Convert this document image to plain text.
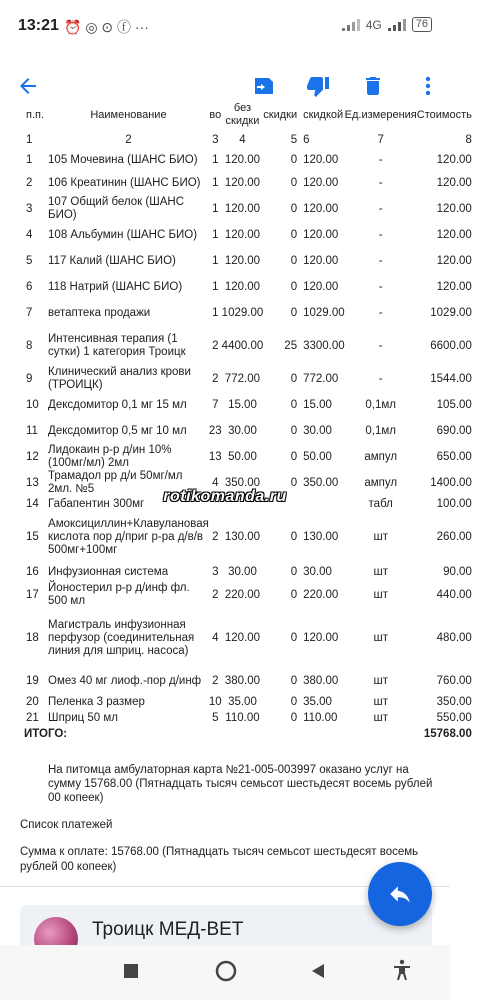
13:21 ⏰ ◎ ⊙ ⓕ ···	4G	76
п.п.	Наименование	во	без скидки	скидки	скидкой	Ед.измерения	Стоимость
1	2	3	4	5	6	7	8
1	105 Мочевина (ШАНС БИО)	1	120.00	0	120.00	-	120.00
2	106 Креатинин (ШАНС БИО)	1	120.00	0	120.00	-	120.00
3	107 Общий белок (ШАНС БИО)	1	120.00	0	120.00	-	120.00
4	108 Альбумин (ШАНС БИО)	1	120.00	0	120.00	-	120.00
5	117 Калий (ШАНС БИО)	1	120.00	0	120.00	-	120.00
6	118 Натрий (ШАНС БИО)	1	120.00	0	120.00	-	120.00
7	ветаптека продажи	1	1029.00	0	1029.00	-	1029.00
8	Интенсивная терапия (1 сутки) 1 категория Троицк	2	4400.00	25	3300.00	-	6600.00
9	Клинический анализ крови (ТРОИЦК)	2	772.00	0	772.00	-	1544.00
10	Дексдомитор 0,1 мг 15 мл	7	15.00	0	15.00	0,1мл	105.00
11	Дексдомитор 0,5 мг 10 мл	23	30.00	0	30.00	0,1мл	690.00
12	Лидокаин р-р д/ин 10% (100мг/мл) 2мл	13	50.00	0	50.00	ампул	650.00
13	Трамадол рр д/и 50мг/мл 2мл. №5	4	350.00	0	350.00	ампул	1400.00
14	Габапентин 300мг					табл	100.00
15	Амоксициллин+Клавулановая кислота пор д/приг р-ра д/в/в 500мг+100мг	2	130.00	0	130.00	шт	260.00
16	Инфузионная система	3	30.00	0	30.00	шт	90.00
17	Йоностерил р-р д/инф фл. 500 мл	2	220.00	0	220.00	шт	440.00
18	Магистраль инфузионная перфузор (соединительная линия для шприц. насоса)	4	120.00	0	120.00	шт	480.00
19	Омез 40 мг лиоф.-пор д/инф	2	380.00	0	380.00	шт	760.00
20	Пеленка 3 размер	10	35.00	0	35.00	шт	350.00
21	Шприц 50 мл	5	110.00	0	110.00	шт	550.00
ИТОГО:							15768.00
На питомца амбулаторная карта №21-005-003997 оказано услуг на сумму 15768.00 (Пятнадцать тысяч семьсот шестьдесят восемь рублей 00 копеек)
Список платежей
Сумма к оплате: 15768.00 (Пятнадцать тысяч семьсот шестьдесят восемь рублей 00 копеек)
rotikomanda.ru
Троицк МЕД-ВЕТ
